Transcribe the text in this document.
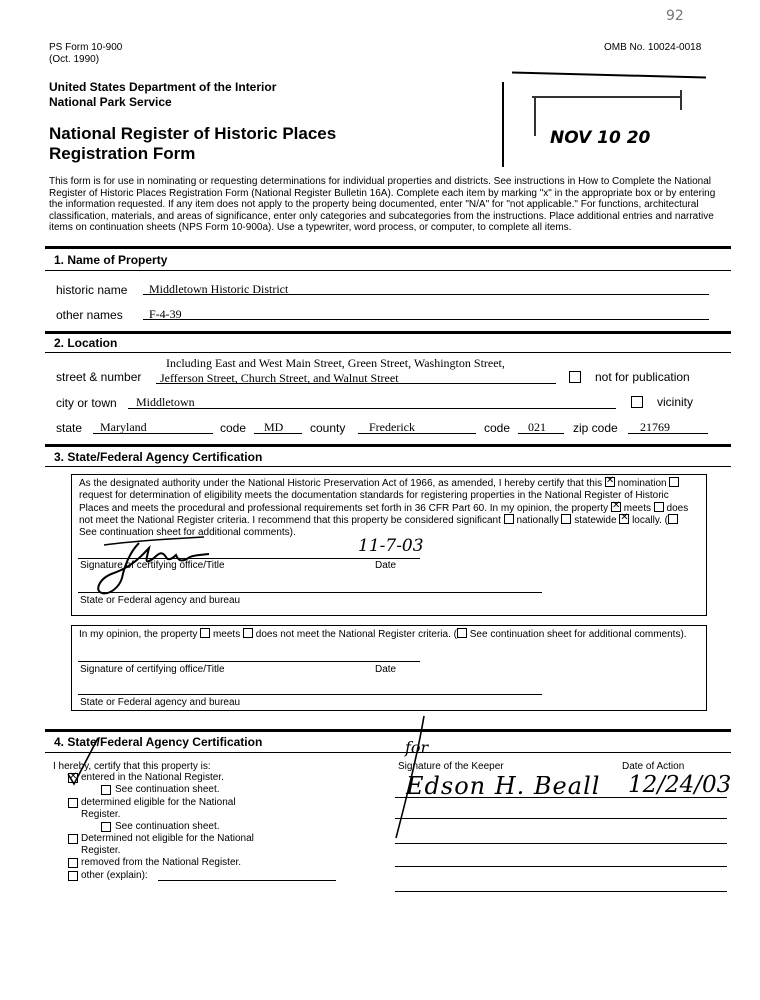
PS Form 10-900
(Oct. 1990)
OMB No. 10024-0018
92
United States Department of the Interior
National Park Service
National Register of Historic Places
Registration Form
NOV 10 20
This form is for use in nominating or requesting determinations for individual properties and districts. See instructions in How to Complete the National
Register of Historic Places Registration Form (National Register Bulletin 16A). Complete each item by marking "x" in the appropriate box or by entering
the information requested. If any item does not apply to the property being documented, enter "N/A" for "not applicable." For functions, architectural
classification, materials, and areas of significance, enter only categories and subcategories from the instructions. Place additional entries and narrative
items on continuation sheets (NPS Form 10-900a). Use a typewriter, word process, or computer, to complete all items.
1. Name of Property
historic name Middletown Historic District
other names F-4-39
2. Location
Including East and West Main Street, Green Street, Washington Street,
street & number Jefferson Street, Church Street, and Walnut Street	not for publication
city or town Middletown	vicinity
state Maryland	code MD county Frederick	code 021 zip code 21769
3. State/Federal Agency Certification

As the designated authority under the National Historic Preservation Act of 1966, as amended, I hereby certify that this ✕ nomination

request for determination of eligibility meets the documentation standards for registering properties in the National Register of Historic

Places and meets the procedural and professional requirements set forth in 36 CFR Part 60. In my opinion, the property ✕ meets does

not meet the National Register criteria. I recommend that this property be considered significant nationally statewide ✕ locally. (

See continuation sheet for additional comments).

11-7-03
Signature of certifying office/Title	Date
State or Federal agency and bureau
In my opinion, the property meets does not meet the National Register criteria. ( See continuation sheet for additional comments).
Signature of certifying office/Title	Date
State or Federal agency and bureau
4. State/Federal Agency Certification
I hereby, certify that this property is:
✕
entered in the National Register.
See continuation sheet.
determined eligible for the National
Register.
See continuation sheet.
Determined not eligible for the National
Register.
removed from the National Register.
other (explain):
Signature of the Keeper	Date of Action
for
Edson H. Beall 12/24/03
